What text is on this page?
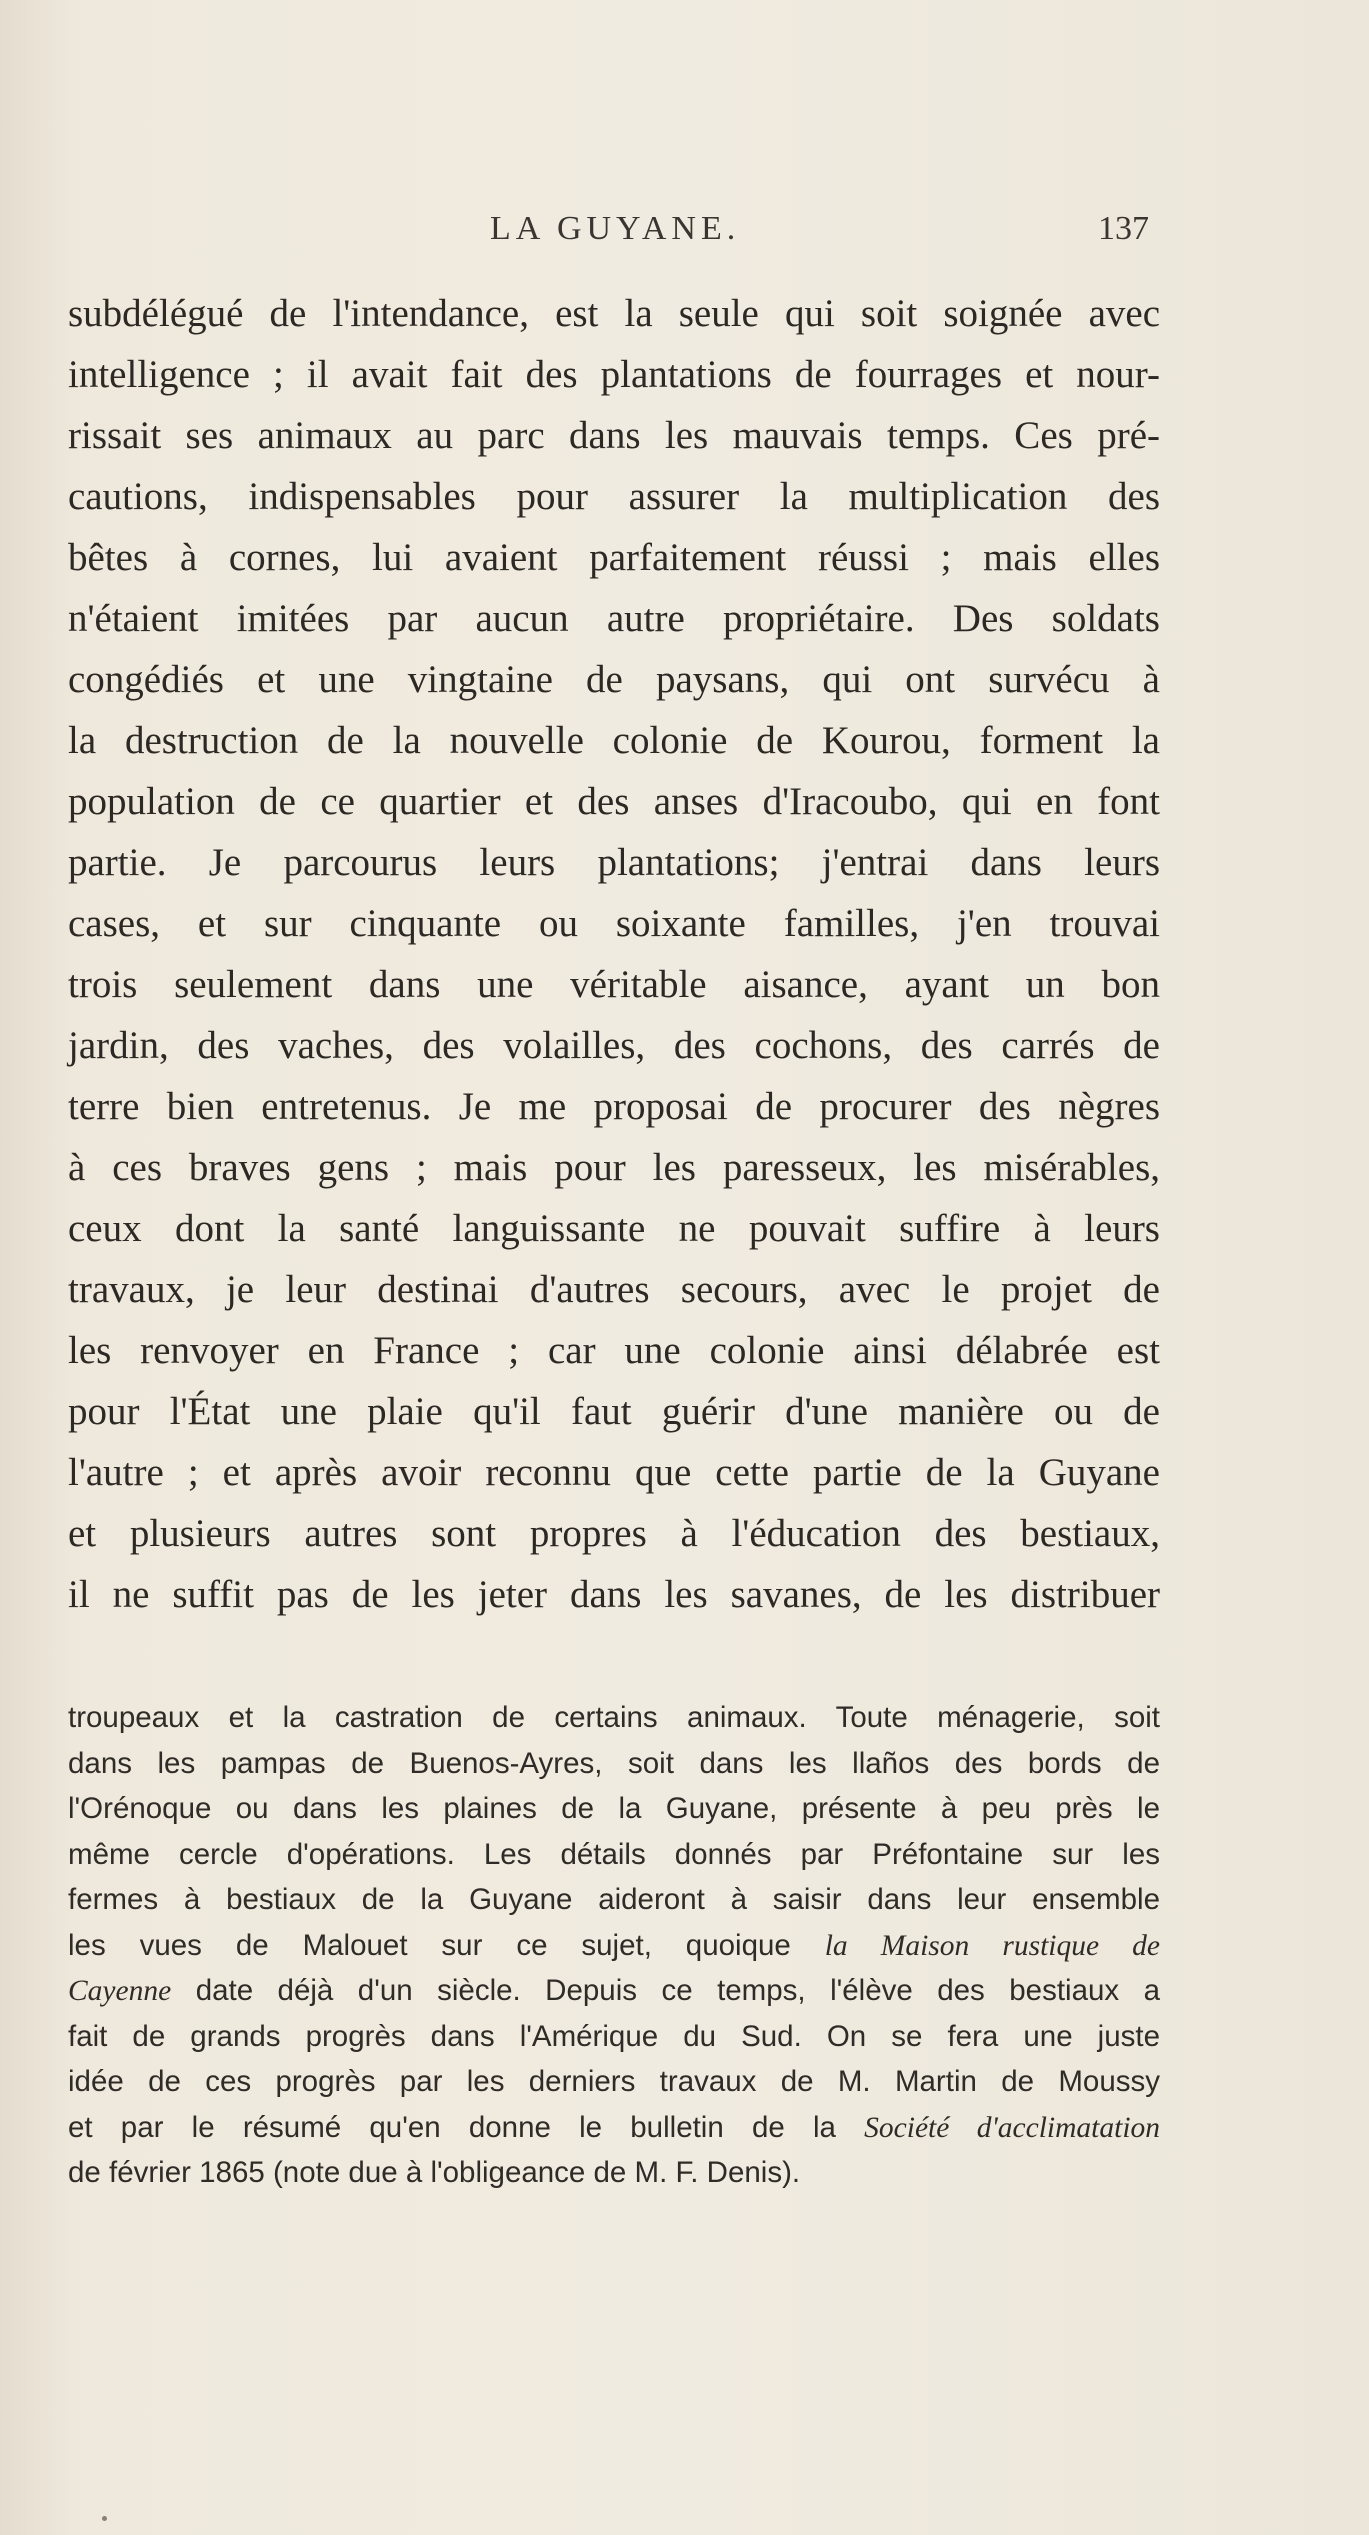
LA GUYANE.	137
subdélégué de l'intendance, est la seule qui soit soignée avec
intelligence ; il avait fait des plantations de fourrages et nour-
rissait ses animaux au parc dans les mauvais temps. Ces pré-
cautions, indispensables pour assurer la multiplication des
bêtes à cornes, lui avaient parfaitement réussi ; mais elles
n'étaient imitées par aucun autre propriétaire. Des soldats
congédiés et une vingtaine de paysans, qui ont survécu à
la destruction de la nouvelle colonie de Kourou, forment la
population de ce quartier et des anses d'Iracoubo, qui en font
partie. Je parcourus leurs plantations; j'entrai dans leurs
cases, et sur cinquante ou soixante familles, j'en trouvai
trois seulement dans une véritable aisance, ayant un bon
jardin, des vaches, des volailles, des cochons, des carrés de
terre bien entretenus. Je me proposai de procurer des nègres
à ces braves gens ; mais pour les paresseux, les misérables,
ceux dont la santé languissante ne pouvait suffire à leurs
travaux, je leur destinai d'autres secours, avec le projet de
les renvoyer en France ; car une colonie ainsi délabrée est
pour l'État une plaie qu'il faut guérir d'une manière ou de
l'autre ; et après avoir reconnu que cette partie de la Guyane
et plusieurs autres sont propres à l'éducation des bestiaux,
il ne suffit pas de les jeter dans les savanes, de les distribuer
troupeaux et la castration de certains animaux. Toute ménagerie, soit
dans les pampas de Buenos-Ayres, soit dans les llaños des bords de
l'Orénoque ou dans les plaines de la Guyane, présente à peu près le
même cercle d'opérations. Les détails donnés par Préfontaine sur les
fermes à bestiaux de la Guyane aideront à saisir dans leur ensemble
les vues de Malouet sur ce sujet, quoique la Maison rustique de
Cayenne date déjà d'un siècle. Depuis ce temps, l'élève des bestiaux a
fait de grands progrès dans l'Amérique du Sud. On se fera une juste
idée de ces progrès par les derniers travaux de M. Martin de Moussy
et par le résumé qu'en donne le bulletin de la Société d'acclimatation
de février 1865 (note due à l'obligeance de M. F. Denis).
